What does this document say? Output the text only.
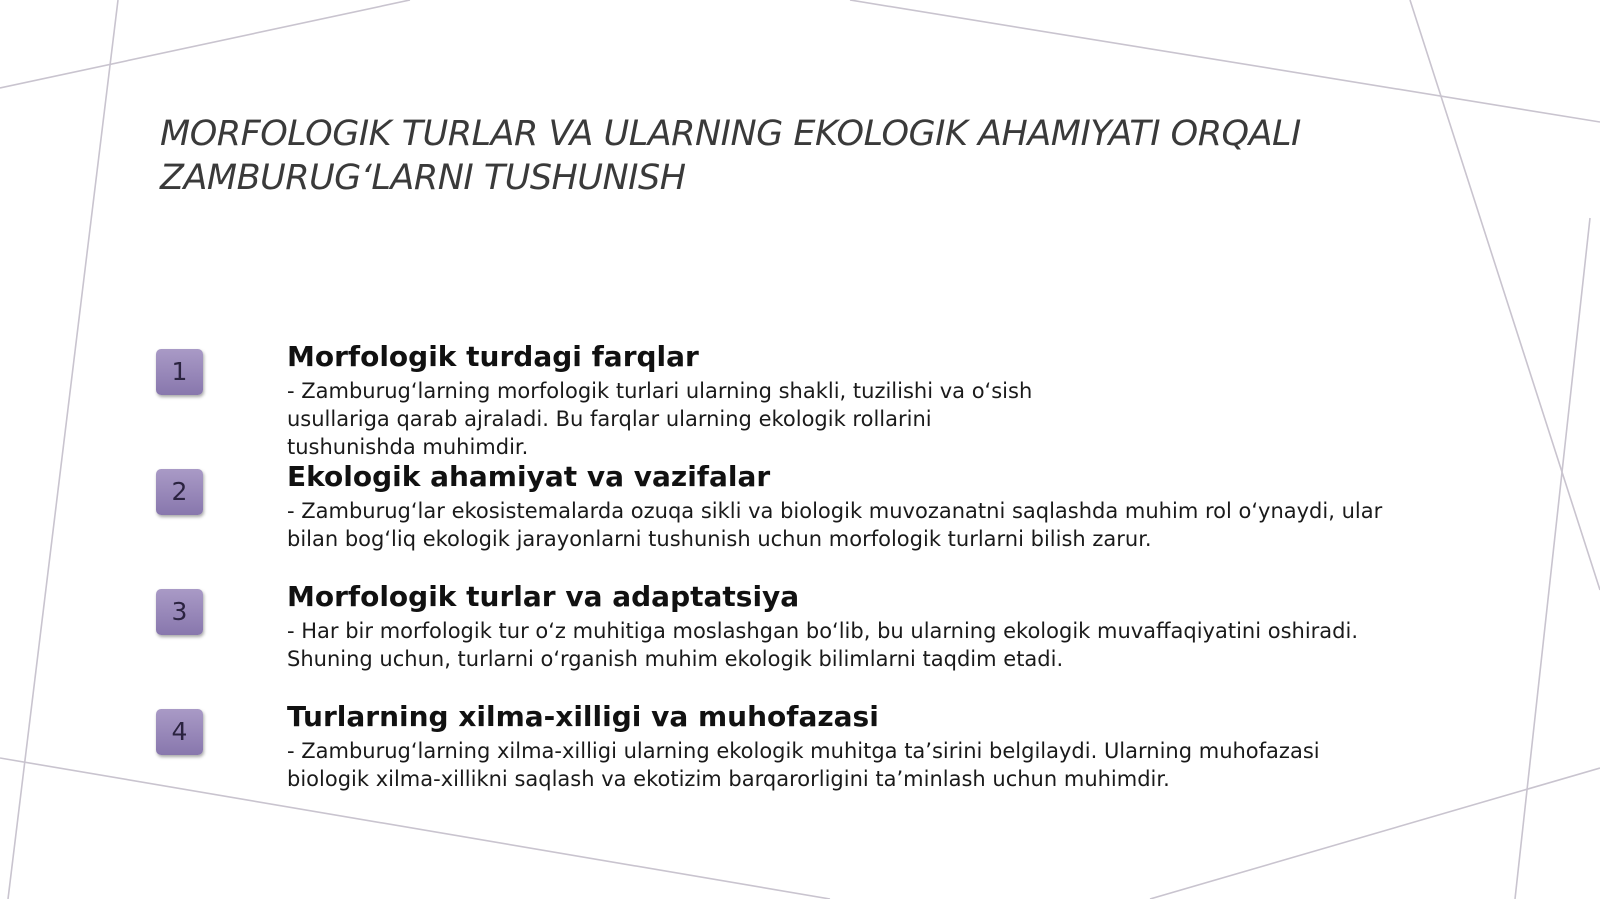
MORFOLOGIK TURLAR VA ULARNING EKOLOGIK AHAMIYATI ORQALI ZAMBURUG‘LARNI TUSHUNISH
1	Morfologik turdagi farqlar

- Zamburug‘larning morfologik turlari ularning shakli, tuzilishi va o‘sish
usullariga qarab ajraladi. Bu farqlar ularning ekologik rollarini
tushunishda muhimdir.

2	Ekologik ahamiyat va vazifalar

- Zamburug‘lar ekosistemalarda ozuqa sikli va biologik muvozanatni saqlashda muhim rol o‘ynaydi, ular
bilan bog‘liq ekologik jarayonlarni tushunish uchun morfologik turlarni bilish zarur.

3	Morfologik turlar va adaptatsiya

- Har bir morfologik tur o‘z muhitiga moslashgan bo‘lib, bu ularning ekologik muvaffaqiyatini oshiradi.
Shuning uchun, turlarni o‘rganish muhim ekologik bilimlarni taqdim etadi.

4	Turlarning xilma-xilligi va muhofazasi

- Zamburug‘larning xilma-xilligi ularning ekologik muhitga ta’sirini belgilaydi. Ularning muhofazasi
biologik xilma-xillikni saqlash va ekotizim barqarorligini ta’minlash uchun muhimdir.
